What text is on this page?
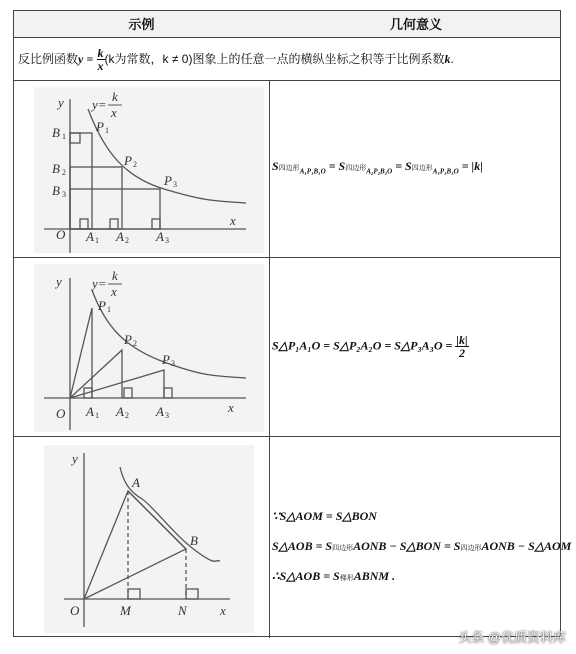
示例	几何意义
反比例函数$y = \frac{k}{x} (k$为常数，k ≠ 0)图象上的任意一点的横纵坐标之积等于比例系数k.
y
x
O
y=
k
x
B 1
B 2
B 3
P 1
P 2
P 3
A 1 A 2 A 3
S四边形$_{A_1P_1B_1O}$ = S四边形$_{A_2P_2B_2O}$ = S四边形$_{A_3P_3B_3O}$ = |k|
y
x
O
y=
k
x
P 1
P 2
P 3
A 1 A 2 A 3
S△P₁A₁O = S△P₂A₂O = S△P₃A₃O = $\frac{|k|}{2}$
y
x
O
A
B
M	N
∵S△AOM = S△BON
S△AOB = S四边形AONB − S△BON = S四边形AONB − S△AOM
∴S△AOB = S梯形ABNM .
头条 @优质资料库
